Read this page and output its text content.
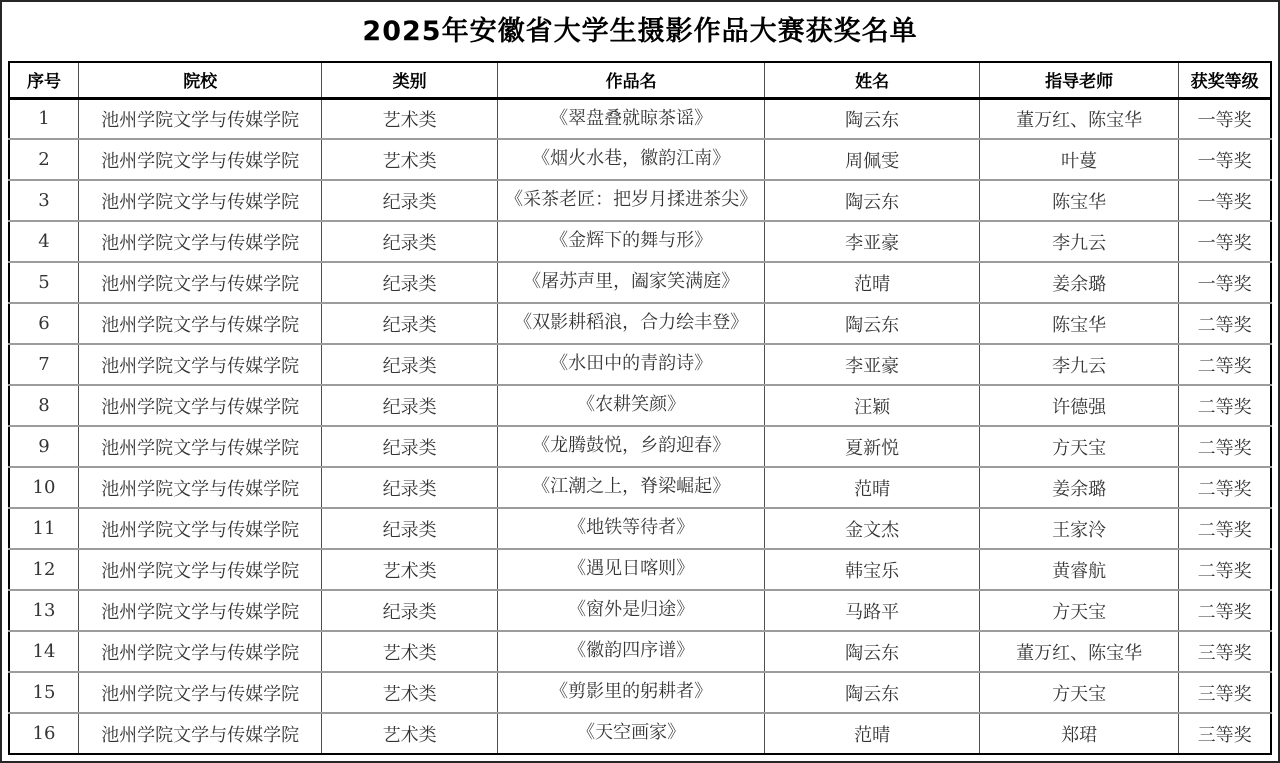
2025年安徽省大学生摄影作品大赛获奖名单
序号	院校	类别	作品名	姓名	指导老师	获奖等级
1	池州学院文学与传媒学院	艺术类	《翠盘叠就晾茶谣》	陶云东	董万红、陈宝华	一等奖
2	池州学院文学与传媒学院	艺术类	《烟火水巷，徽韵江南》	周佩雯	叶蔓	一等奖
3	池州学院文学与传媒学院	纪录类	《采茶老匠：把岁月揉进茶尖》	陶云东	陈宝华	一等奖
4	池州学院文学与传媒学院	纪录类	《金辉下的舞与形》	李亚豪	李九云	一等奖
5	池州学院文学与传媒学院	纪录类	《屠苏声里，阖家笑满庭》	范晴	姜余璐	一等奖
6	池州学院文学与传媒学院	纪录类	《双影耕稻浪，合力绘丰登》	陶云东	陈宝华	二等奖
7	池州学院文学与传媒学院	纪录类	《水田中的青韵诗》	李亚豪	李九云	二等奖
8	池州学院文学与传媒学院	纪录类	《农耕笑颜》	汪颖	许德强	二等奖
9	池州学院文学与传媒学院	纪录类	《龙腾鼓悦，乡韵迎春》	夏新悦	方天宝	二等奖
10	池州学院文学与传媒学院	纪录类	《江潮之上，脊梁崛起》	范晴	姜余璐	二等奖
11	池州学院文学与传媒学院	纪录类	《地铁等待者》	金文杰	王家泠	二等奖
12	池州学院文学与传媒学院	艺术类	《遇见日喀则》	韩宝乐	黄睿航	二等奖
13	池州学院文学与传媒学院	纪录类	《窗外是归途》	马路平	方天宝	二等奖
14	池州学院文学与传媒学院	艺术类	《徽韵四序谱》	陶云东	董万红、陈宝华	三等奖
15	池州学院文学与传媒学院	艺术类	《剪影里的躬耕者》	陶云东	方天宝	三等奖
16	池州学院文学与传媒学院	艺术类	《天空画家》	范晴	郑珺	三等奖
